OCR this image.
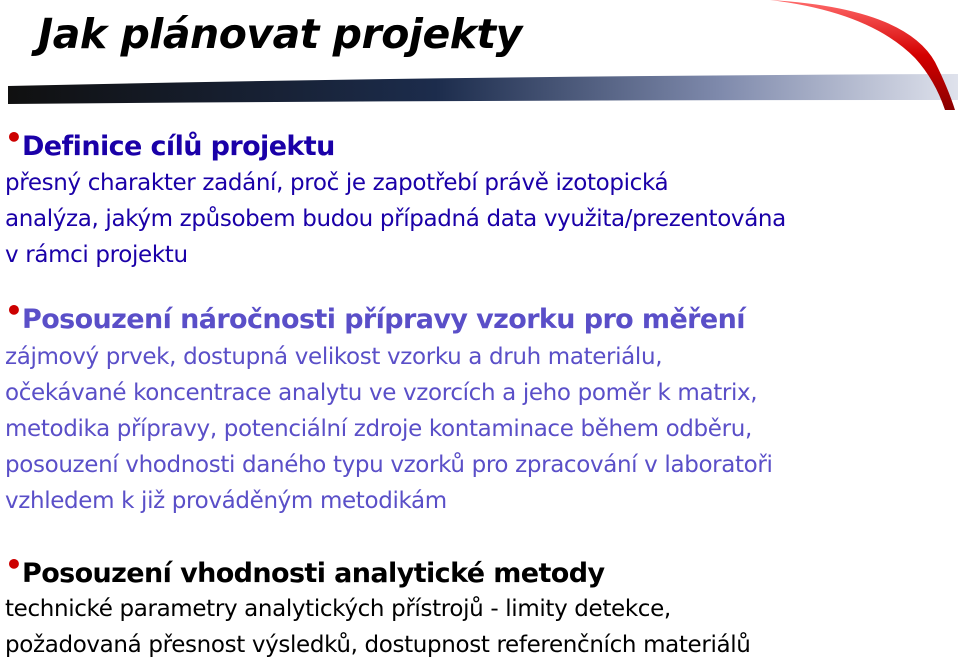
Jak plánovat projekty
• Definice cílů projektu
přesný charakter zadání, proč je zapotřebí právě izotopická
analýza, jakým způsobem budou případná data využita/prezentována
v rámci projektu
• Posouzení náročnosti přípravy vzorku pro měření
zájmový prvek, dostupná velikost vzorku a druh materiálu,
očekávané koncentrace analytu ve vzorcích a jeho poměr k matrix,
metodika přípravy, potenciální zdroje kontaminace během odběru,
posouzení vhodnosti daného typu vzorků pro zpracování v laboratoři
vzhledem k již prováděným metodikám
• Posouzení vhodnosti analytické metody
technické parametry analytických přístrojů - limity detekce,
požadovaná přesnost výsledků, dostupnost referenčních materiálů
